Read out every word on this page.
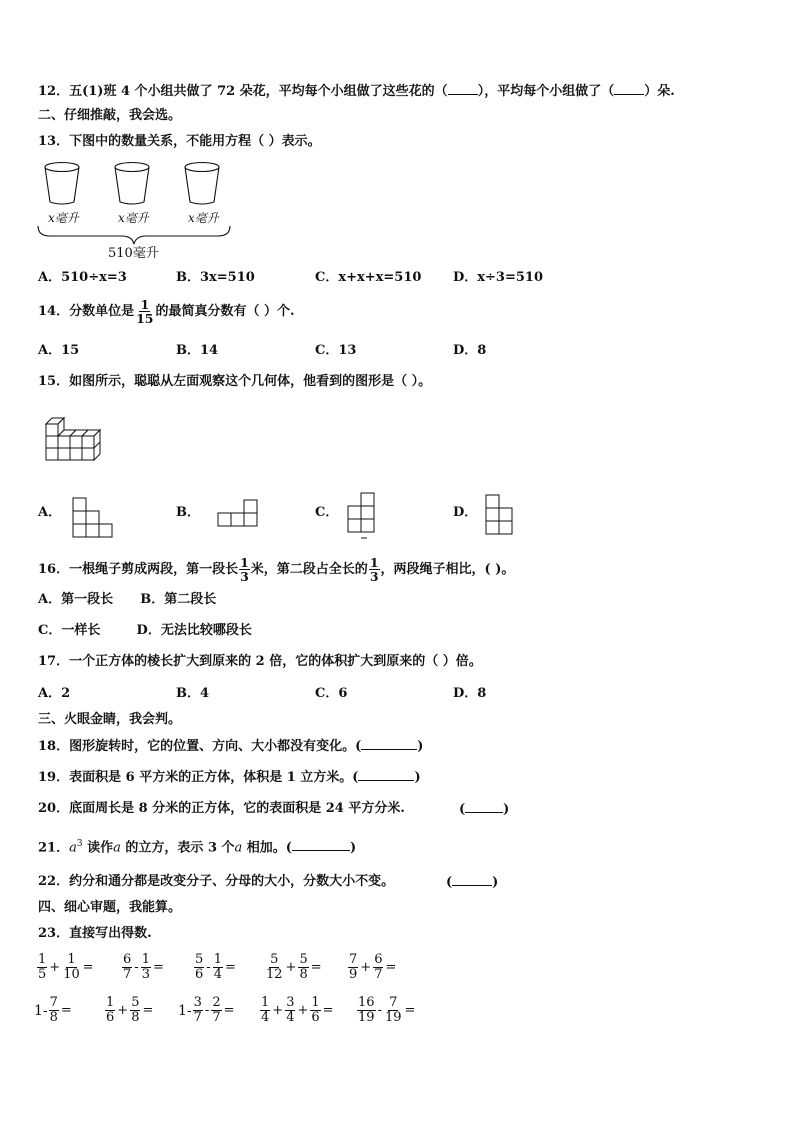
12．五(1)班 4 个小组共做了 72 朵花，平均每个小组做了这些花的（ ），平均每个小组做了（ ）朵.
二、仔细推敲，我会选。
13．下图中的数量关系，不能用方程（ ）表示。
x毫升	x毫升	x毫升
510毫升
A．510÷x=3	B．3x=510	C．x+x+x=510 D．x÷3=510
14．分数单位是 $\frac{1}{15}$ 的最简真分数有（ ）个.
A．15	B．14	C．13	D．8
15．如图所示，聪聪从左面观察这个几何体，他看到的图形是（ ）。
A．	B．	C．	D．
16．一根绳子剪成两段，第一段长 $\frac{1}{3}$ 米，第二段占全长的 $\frac{1}{3}$ ，两段绳子相比，( )。
A．第一段长      B．第二段长
C．一样长        D．无法比较哪段长
17．一个正方体的棱长扩大到原来的 2 倍，它的体积扩大到原来的（ ）倍。
A．2	B．4	C．6	D．8
三、火眼金睛，我会判。
18．图形旋转时，它的位置、方向、大小都没有变化。(	)
19．表面积是 6 平方米的正方体，体积是 1 立方米。(	)
20．底面周长是 8 分米的正方体，它的表面积是 24 平方分米.	(	)
21．$a^3$ 读作a 的立方，表示 3 个a 相加。(	)
22．约分和通分都是改变分子、分母的大小，分数大小不变。	(	)
四、细心审题，我能算。
23．直接写出得数.
$\frac{1}{5} + \frac{1}{10} = \frac{6}{7} - \frac{1}{3} = \frac{5}{6} - \frac{1}{4} = \frac{5}{12} + \frac{5}{8} = \frac{7}{9} + \frac{6}{7}$ =
$1- \frac{7}{8}$ =	$\frac{1}{6} + \frac{5}{8} = 1- \frac{3}{7} - \frac{2}{7} = \frac{1}{4} + \frac{3}{4} + \frac{1}{6} = \frac{16}{19} - \frac{7}{19}$ =
